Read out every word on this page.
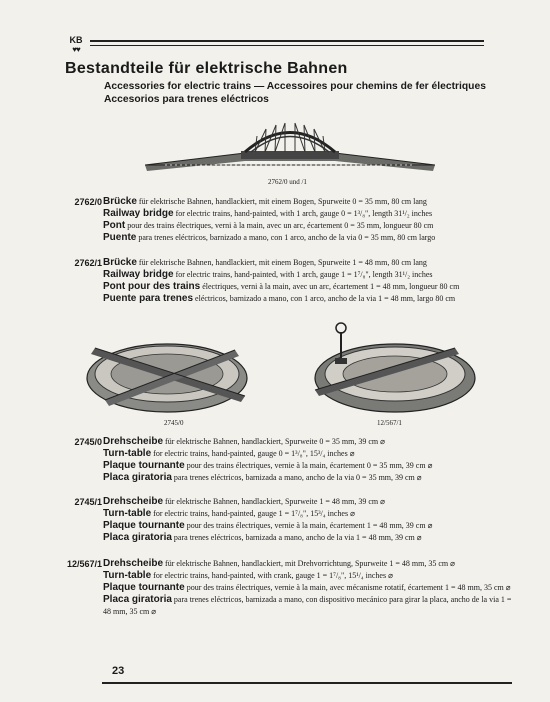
KB
♥♥
Bestandteile für elektrische Bahnen

Accessories for electric trains — Accessoires pour chemins de fer électriques

Accesorios para trenes eléctricos

2762/0 und /1
2762/0 Brücke für elektrische Bahnen, handlackiert, mit einem Bogen, Spurweite 0 = 35 mm, 80 cm lang
Railway bridge for electric trains, hand-painted, with 1 arch, gauge 0 = 1³/₈", length 31¹/₂ inches
Pont pour des trains électriques, verni à la main, avec un arc, écartement 0 = 35 mm, longueur 80 cm
Puente para trenes eléctricos, barnizado a mano, con 1 arco, ancho de la via 0 = 35 mm, 80 cm largo
2762/1 Brücke für elektrische Bahnen, handlackiert, mit einem Bogen, Spurweite 1 = 48 mm, 80 cm lang
Railway bridge for electric trains, hand-painted, with 1 arch, gauge 1 = 1⁷/₈", length 31¹/₂ inches
Pont pour des trains électriques, verni à la main, avec un arc, écartement 1 = 48 mm, longueur 80 cm
Puente para trenes eléctricos, barnizado a mano, con 1 arco, ancho de la via 1 = 48 mm, largo 80 cm
2745/0	12/567/1
2745/0 Drehscheibe für elektrische Bahnen, handlackiert, Spurweite 0 = 35 mm, 39 cm ⌀
Turn-table for electric trains, hand-painted, gauge 0 = 1³/₈", 15³/₄ inches ⌀
Plaque tournante pour des trains électriques, vernie à la main, écartement 0 = 35 mm, 39 cm ⌀
Placa giratoria para trenes eléctricos, barnizada a mano, ancho de la via 0 = 35 mm, 39 cm ⌀
2745/1 Drehscheibe für elektrische Bahnen, handlackiert, Spurweite 1 = 48 mm, 39 cm ⌀
Turn-table for electric trains, hand-painted, gauge 1 = 1⁷/₈", 15³/₄ inches ⌀
Plaque tournante pour des trains électriques, vernie à la main, écartement 1 = 48 mm, 39 cm ⌀
Placa giratoria para trenes eléctricos, barnizada a mano, ancho de la via 1 = 48 mm, 39 cm ⌀
12/567/1 Drehscheibe für elektrische Bahnen, handlackiert, mit Drehvorrichtung, Spurweite 1 = 48 mm, 35 cm ⌀
Turn-table for electric trains, hand-painted, with crank, gauge 1 = 1⁷/₈", 15¹/₄ inches ⌀
Plaque tournante pour des trains électriques, vernie à la main, avec mécanisme rotatif, écartement 1 = 48 mm, 35 cm ⌀
Placa giratoria para trenes eléctricos, barnizada a mano, con dispositivo mecánico para girar la placa, ancho de la via 1 = 48 mm, 35 cm ⌀
23
